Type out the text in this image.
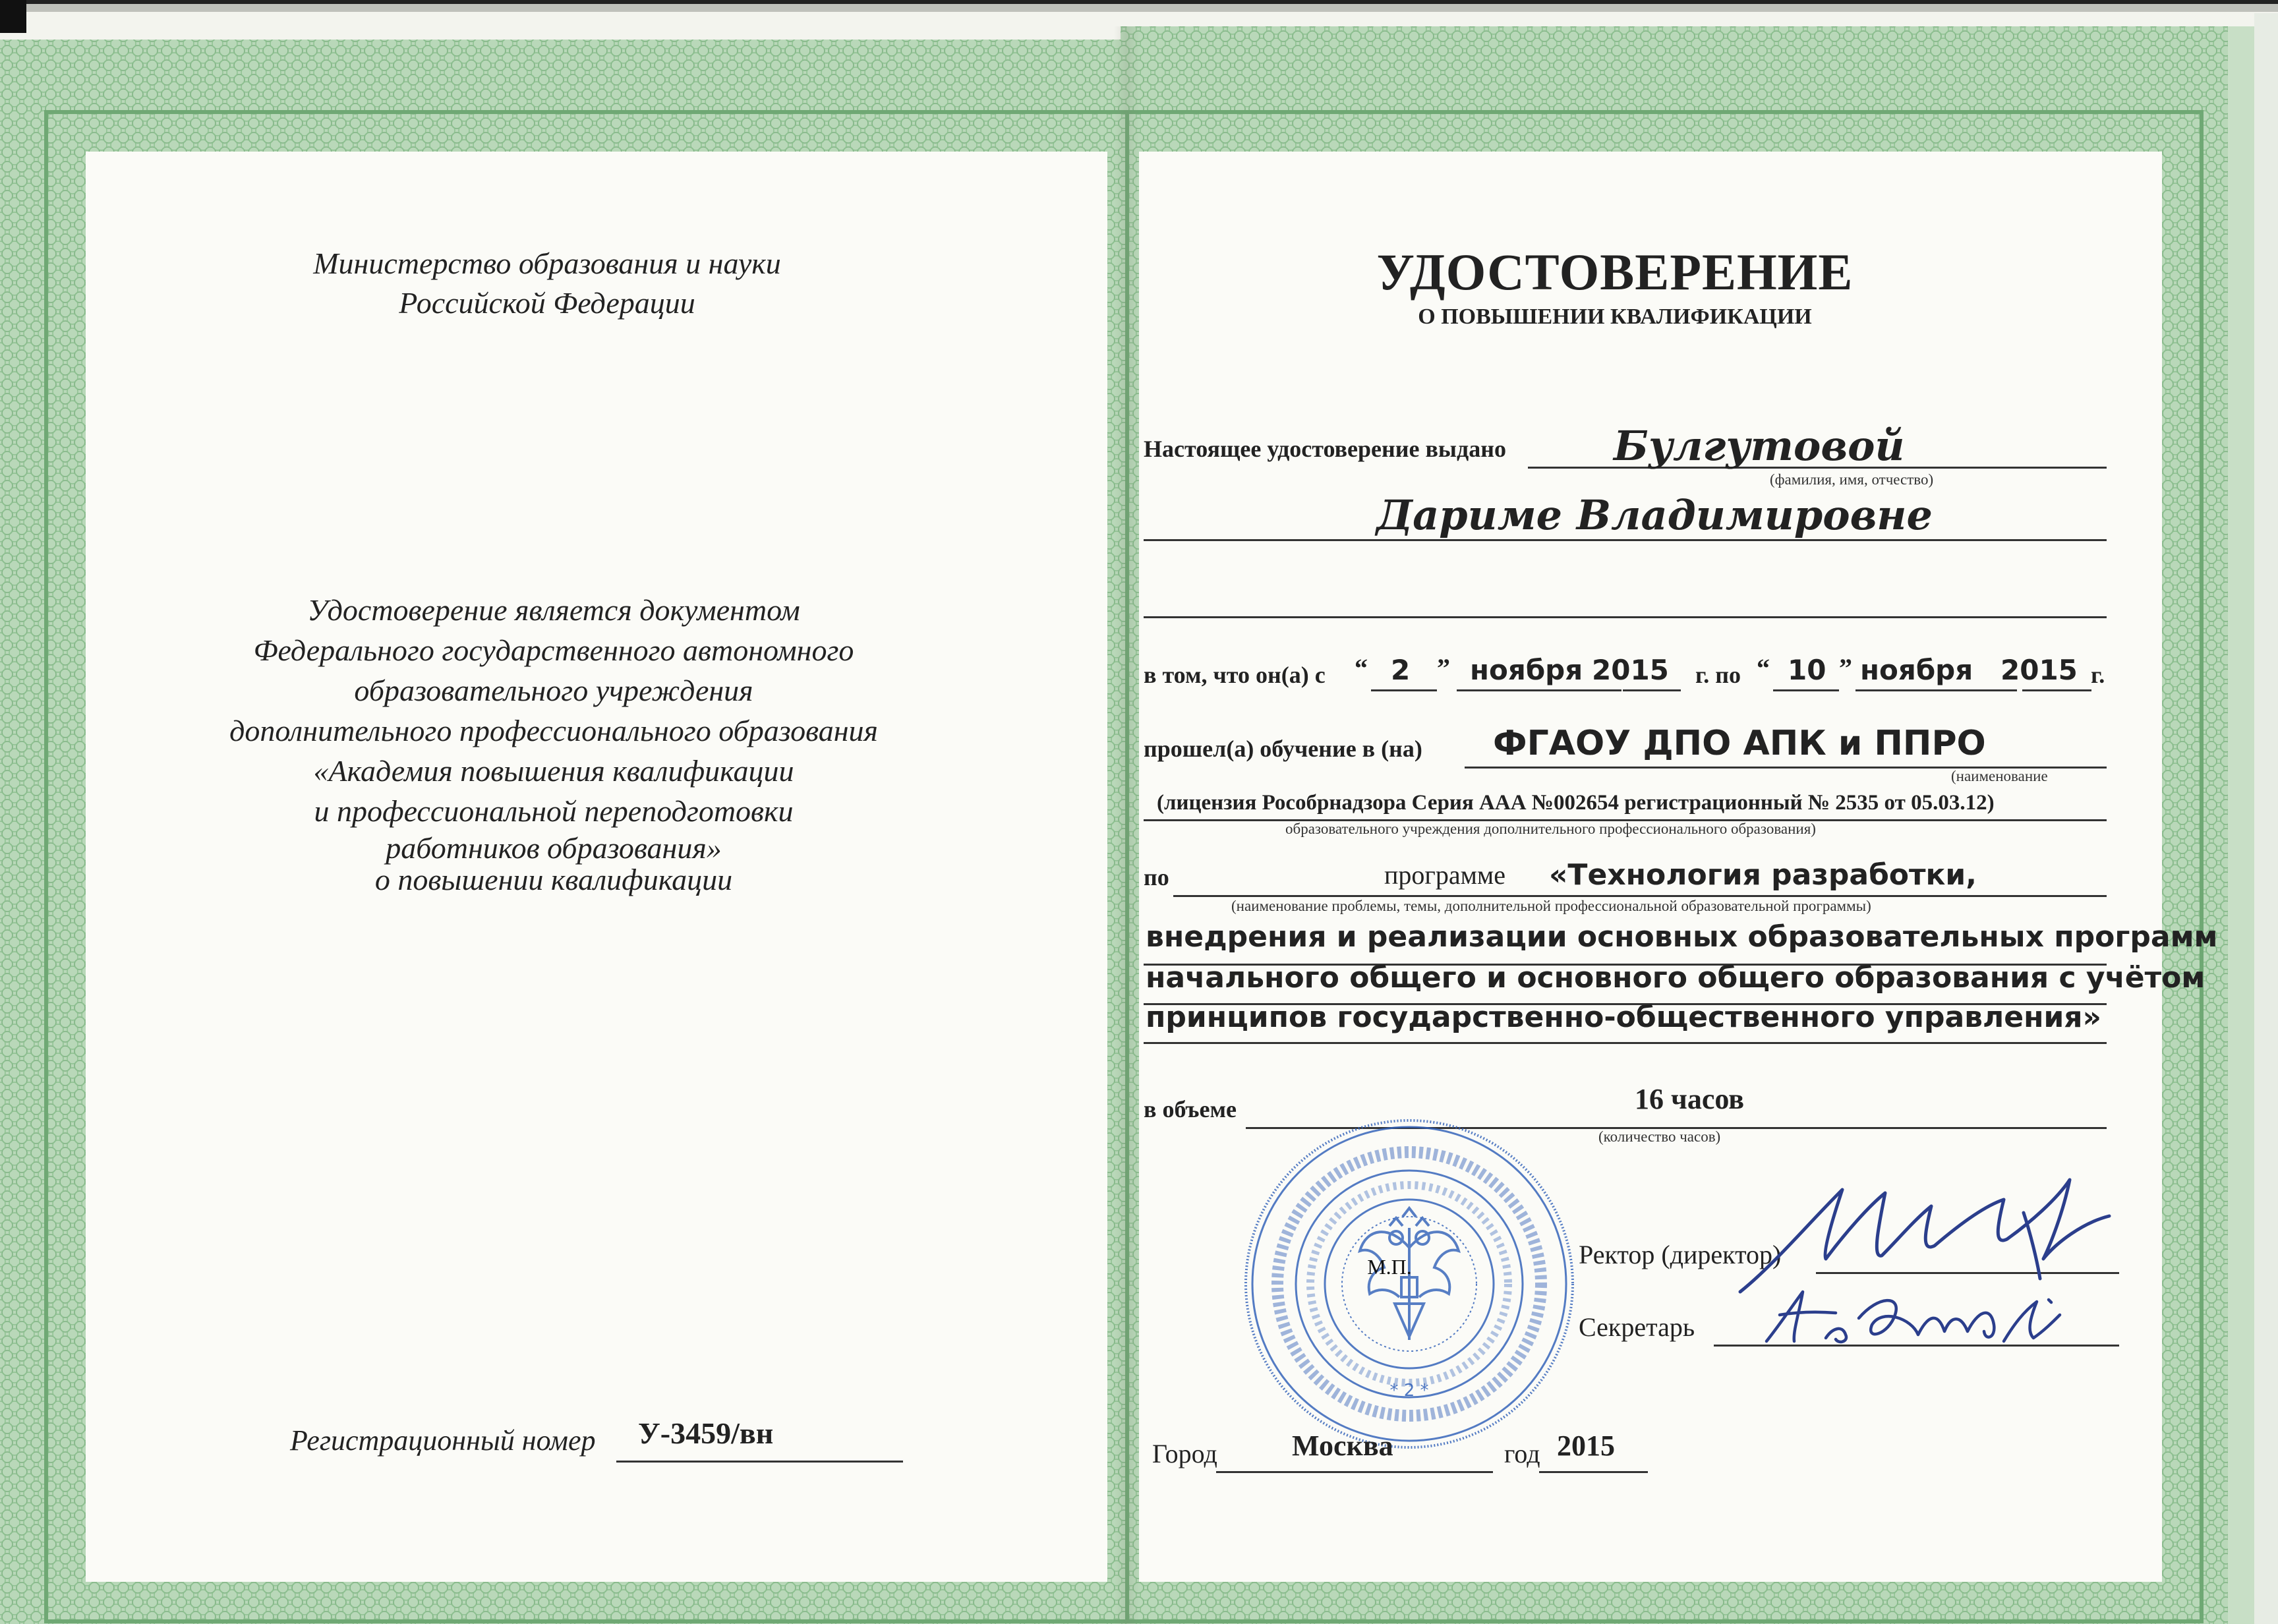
Министерство образования и науки
Российской Федерации
Удостоверение является документом
Федерального государственного автономного
образовательного учреждения
дополнительного профессионального образования
«Академия повышения квалификации
и профессиональной переподготовки
работников образования»
о повышении квалификации
Регистрационный номер У-3459/вн
УДОСТОВЕРЕНИЕ
О ПОВЫШЕНИИ КВАЛИФИКАЦИИ
Настоящее удостоверение выдано	Булгутовой
(фамилия, имя, отчество)
Дариме Владимировне
в том, что он(а) с “ 2 ” ноября 2015 г. по “ 10 ” ноября 2015 г.
прошел(а) обучение в (на) ФГАОУ ДПО АПК и ППРО
(наименование
(лицензия Рособрнадзора Серия ААА №002654 регистрационный № 2535 от 05.03.12)
образовательного учреждения дополнительного профессионального образования)
по	программе «Технология разработки,
(наименование проблемы, темы, дополнительной профессиональной образовательной программы)
внедрения и реализации основных образовательных программ
начального общего и основного общего образования с учётом
принципов государственно-общественного управления»
в объеме	16 часов
(количество часов)
* 2 *
М.П.	Ректор (директор)
Секретарь
Город	Москва	год 2015
